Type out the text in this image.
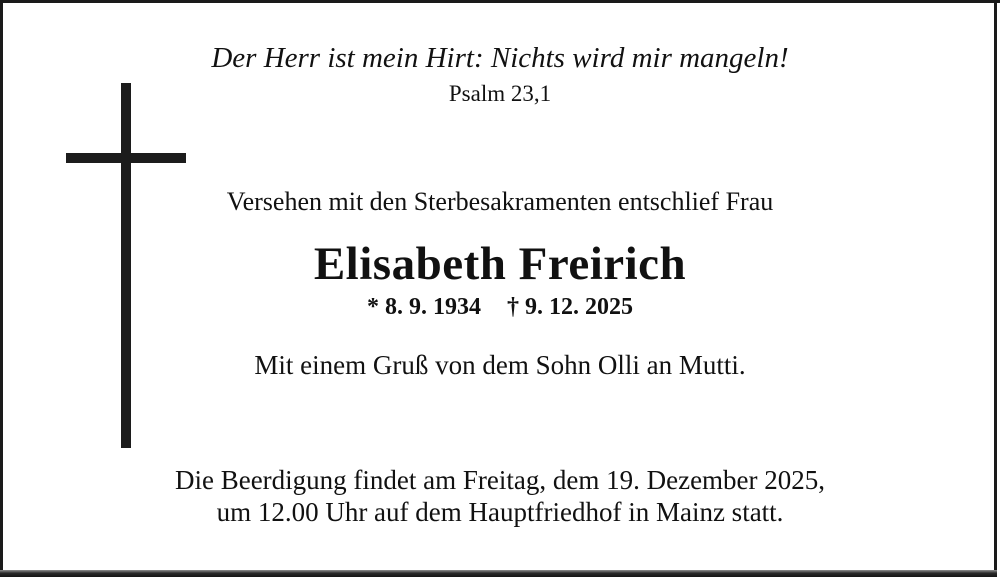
Der Herr ist mein Hirt: Nichts wird mir mangeln!
Psalm 23,1
Versehen mit den Sterbesakramenten entschlief Frau
Elisabeth Freirich
* 8. 9. 1934 † 9. 12. 2025
Mit einem Gruß von dem Sohn Olli an Mutti.
Die Beerdigung findet am Freitag, dem 19. Dezember 2025,
um 12.00 Uhr auf dem Hauptfriedhof in Mainz statt.
